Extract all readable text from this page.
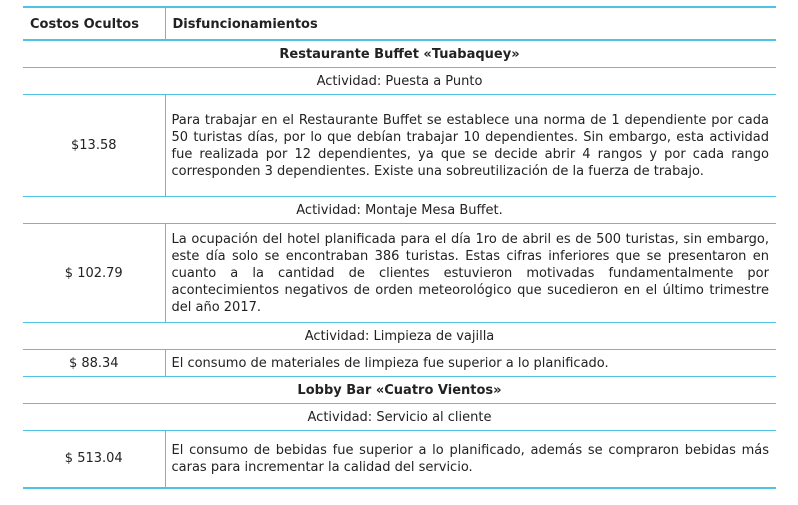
Costos Ocultos	Disfuncionamientos
Restaurante Buffet «Tuabaquey»	
Actividad: Puesta a Punto	
$13.58	Para trabajar en el Restaurante Buffet se establece una norma de 1 dependiente por cada 50 turistas días, por lo que debían trabajar 10 dependientes. Sin embargo, esta actividad fue realizada por 12 dependientes, ya que se decide abrir 4 rangos y por cada rango corresponden 3 dependientes. Existe una sobreutilización de la fuerza de trabajo.
Actividad: Montaje Mesa Buffet.	
$ 102.79	La ocupación del hotel planificada para el día 1ro de abril es de 500 turistas, sin embargo, este día solo se encontraban 386 turistas. Estas cifras inferiores que se presentaron en cuanto a la cantidad de clientes estuvieron motivadas fundamentalmente por acontecimientos negativos de orden meteorológico que sucedieron en el último trimestre del año 2017.
Actividad: Limpieza de vajilla	
$ 88.34	El consumo de materiales de limpieza fue superior a lo planificado.
Lobby Bar «Cuatro Vientos»	
Actividad: Servicio al cliente	
$ 513.04	El consumo de bebidas fue superior a lo planificado, además se compraron bebidas más caras para incrementar la calidad del servicio.
